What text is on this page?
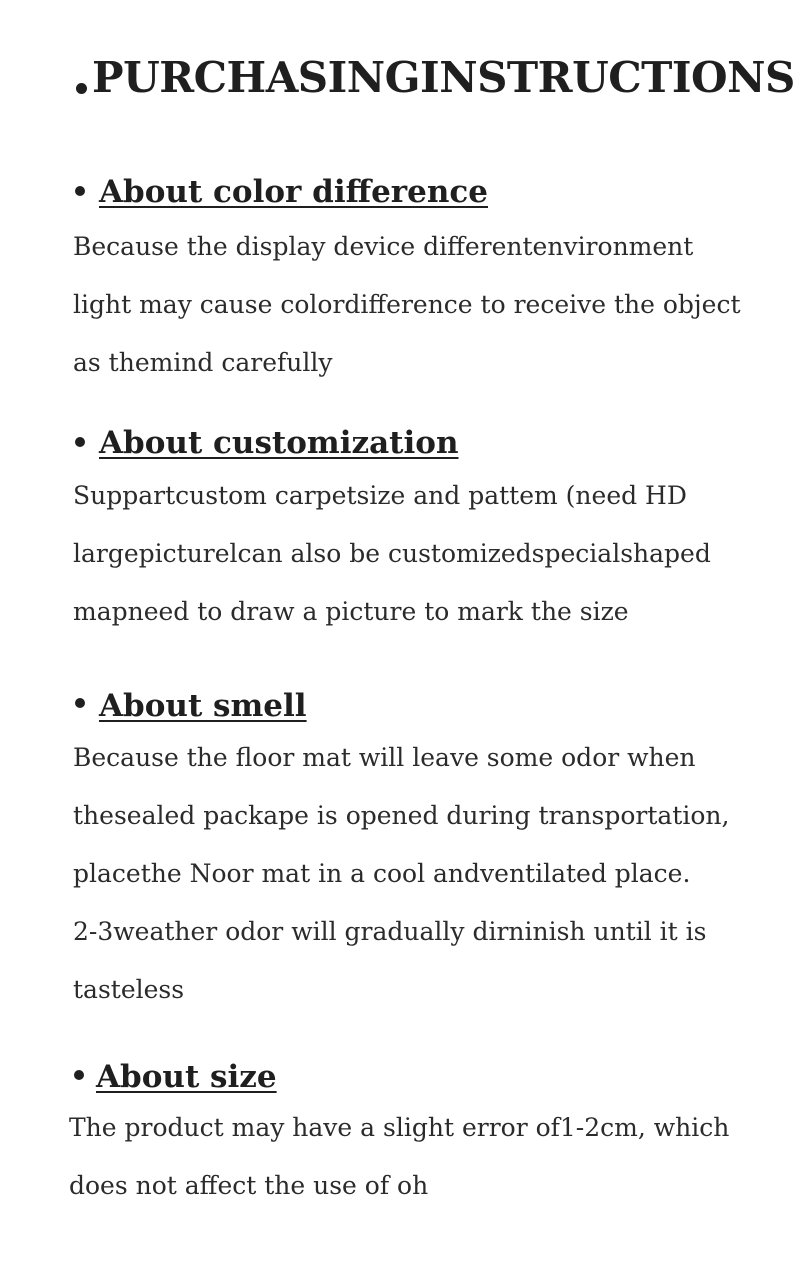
PURCHASINGINSTRUCTIONS
About color difference

Because the display device differentenvironment
light may cause colordifference to receive the object
as themind carefully

About customization

Suppartcustom carpetsize and pattem (need HD
largepicturelcan also be customizedspecialshaped
mapneed to draw a picture to mark the size

About smell

Because the floor mat will leave some odor when
thesealed packape is opened during transportation,
placethe Noor mat in a cool andventilated place.
2-3weather odor will gradually dirninish until it is
tasteless

About size

The product may have a slight error of1-2cm, which
does not affect the use of oh
